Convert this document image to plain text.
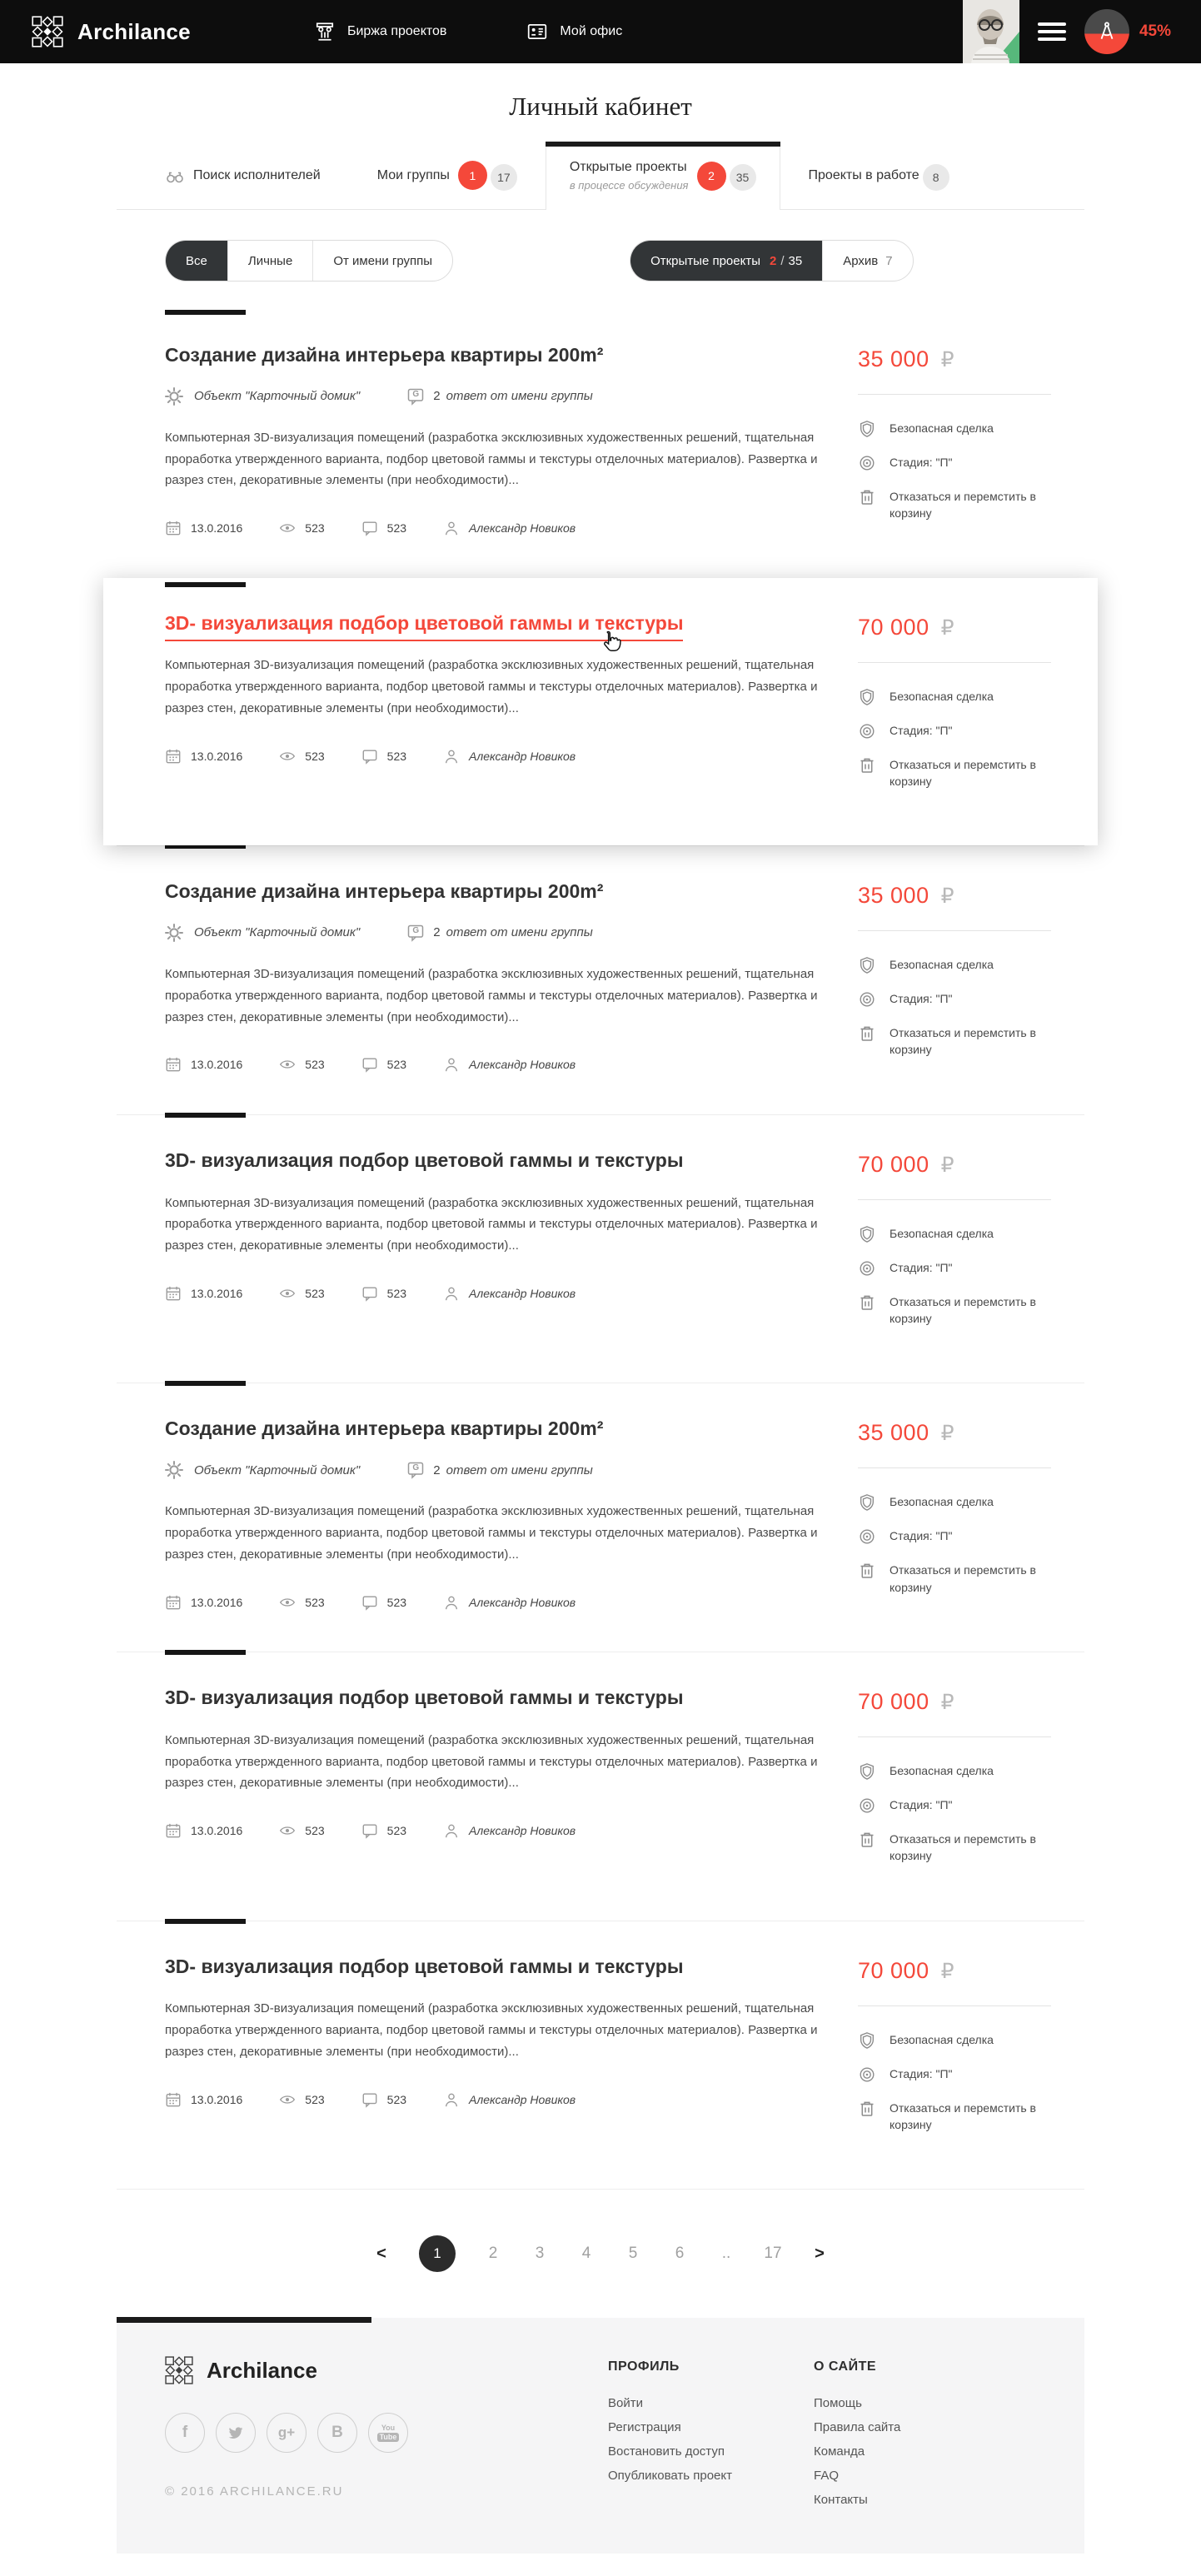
Archilance	Биржа проектов	Мой офис	45%
Личный кабинет
Поиск исполнителей	Мои группы	1	17
Открытые проекты
в процессе обсуждения
2	35	Проекты в работе	8
Все	Личные	От имени группы	Открытые проекты 2 / 35	Архив 7
Создание дизайна интерьера квартиры 200m²
Объект "Карточный домик"	G	2 ответ от имени группы

Компьютерная 3D-визуализация помещений (разработка эксклюзивных художественных решений, тщательная проработка утвержденного варианта, подбор цветовой гаммы и текстуры отделочных материалов). Развертка и разрез стен, декоративные элементы (при необходимости)...

13.0.2016	523	523	Александр Новиков
35 000 ₽
Безопасная сделка
Стадия: "П"
Отказаться и перемстить в корзину
3D- визуализация подбор цветовой гаммы и текстуры

Компьютерная 3D-визуализация помещений (разработка эксклюзивных художественных решений, тщательная проработка утвержденного варианта, подбор цветовой гаммы и текстуры отделочных материалов). Развертка и разрез стен, декоративные элементы (при необходимости)...

13.0.2016	523	523	Александр Новиков
70 000 ₽
Безопасная сделка
Стадия: "П"
Отказаться и перемстить в корзину
Создание дизайна интерьера квартиры 200m²
Объект "Карточный домик"	G	2 ответ от имени группы

Компьютерная 3D-визуализация помещений (разработка эксклюзивных художественных решений, тщательная проработка утвержденного варианта, подбор цветовой гаммы и текстуры отделочных материалов). Развертка и разрез стен, декоративные элементы (при необходимости)...

13.0.2016	523	523	Александр Новиков
35 000 ₽
Безопасная сделка
Стадия: "П"
Отказаться и перемстить в корзину
3D- визуализация подбор цветовой гаммы и текстуры

Компьютерная 3D-визуализация помещений (разработка эксклюзивных художественных решений, тщательная проработка утвержденного варианта, подбор цветовой гаммы и текстуры отделочных материалов). Развертка и разрез стен, декоративные элементы (при необходимости)...

13.0.2016	523	523	Александр Новиков
70 000 ₽
Безопасная сделка
Стадия: "П"
Отказаться и перемстить в корзину
Создание дизайна интерьера квартиры 200m²
Объект "Карточный домик"	G	2 ответ от имени группы

Компьютерная 3D-визуализация помещений (разработка эксклюзивных художественных решений, тщательная проработка утвержденного варианта, подбор цветовой гаммы и текстуры отделочных материалов). Развертка и разрез стен, декоративные элементы (при необходимости)...

13.0.2016	523	523	Александр Новиков
35 000 ₽
Безопасная сделка
Стадия: "П"
Отказаться и перемстить в корзину
3D- визуализация подбор цветовой гаммы и текстуры

Компьютерная 3D-визуализация помещений (разработка эксклюзивных художественных решений, тщательная проработка утвержденного варианта, подбор цветовой гаммы и текстуры отделочных материалов). Развертка и разрез стен, декоративные элементы (при необходимости)...

13.0.2016	523	523	Александр Новиков
70 000 ₽
Безопасная сделка
Стадия: "П"
Отказаться и перемстить в корзину
3D- визуализация подбор цветовой гаммы и текстуры

Компьютерная 3D-визуализация помещений (разработка эксклюзивных художественных решений, тщательная проработка утвержденного варианта, подбор цветовой гаммы и текстуры отделочных материалов). Развертка и разрез стен, декоративные элементы (при необходимости)...

13.0.2016	523	523	Александр Новиков
70 000 ₽
Безопасная сделка
Стадия: "П"
Отказаться и перемстить в корзину
<	1	2	3	4	5	6	..	17 >
Archilance
f	g+ B	You
Tube
© 2016 ARCHILANCE.RU
ПРОФИЛЬ
Войти
Регистрация
Востановить доступ
Опубликовать проект
О САЙТЕ
Помощь
Правила сайта
Команда
FAQ
Контакты
